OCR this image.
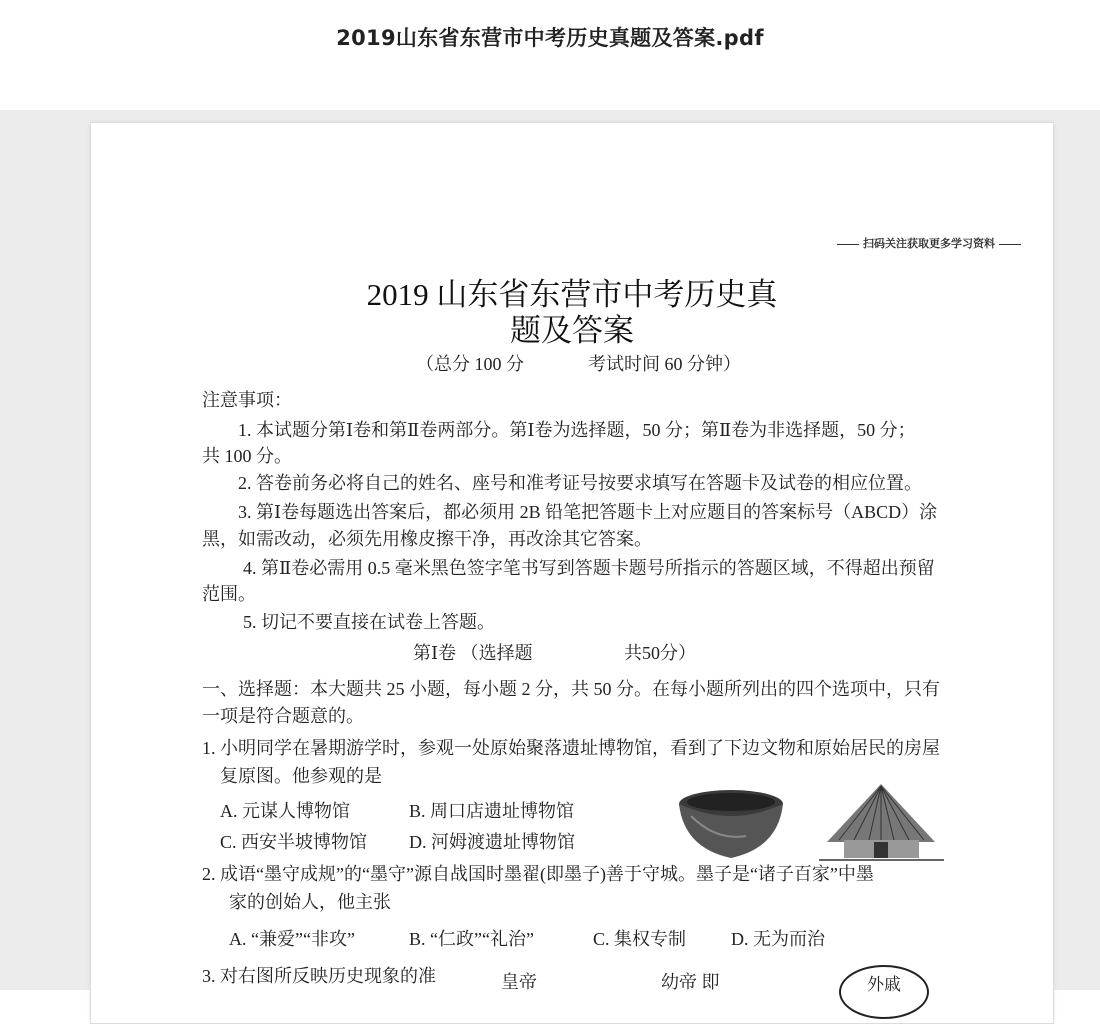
2019山东省东营市中考历史真题及答案.pdf
扫码关注获取更多学习资料
2019 山东省东营市中考历史真
题及答案
（总分 100 分	考试时间 60 分钟）
注意事项：
1. 本试题分第Ⅰ卷和第Ⅱ卷两部分。第Ⅰ卷为选择题，50 分；第Ⅱ卷为非选择题，50 分；
共 100 分。
2. 答卷前务必将自己的姓名、座号和准考证号按要求填写在答题卡及试卷的相应位置。
3. 第Ⅰ卷每题选出答案后，都必须用 2B 铅笔把答题卡上对应题目的答案标号（ABCD）涂
黑，如需改动，必须先用橡皮擦干净，再改涂其它答案。
4. 第Ⅱ卷必需用 0.5 毫米黑色签字笔书写到答题卡题号所指示的答题区域，不得超出预留
范围。
5. 切记不要直接在试卷上答题。
第Ⅰ卷 （选择题	共50分）
一、选择题：本大题共 25 小题，每小题 2 分，共 50 分。在每小题所列出的四个选项中，只有
一项是符合题意的。
1. 小明同学在暑期游学时，参观一处原始聚落遗址博物馆，看到了下边文物和原始居民的房屋
复原图。他参观的是
A. 元谋人博物馆	B. 周口店遗址博物馆
C. 西安半坡博物馆 D. 河姆渡遗址博物馆
2. 成语“墨守成规”的“墨守”源自战国时墨翟(即墨子)善于守城。墨子是“诸子百家”中墨
家的创始人，他主张
A. “兼爱”“非攻”	B. “仁政”“礼治”	C. 集权专制 D. 无为而治
3. 对右图所反映历史现象的准	皇帝	幼帝 即	外戚
